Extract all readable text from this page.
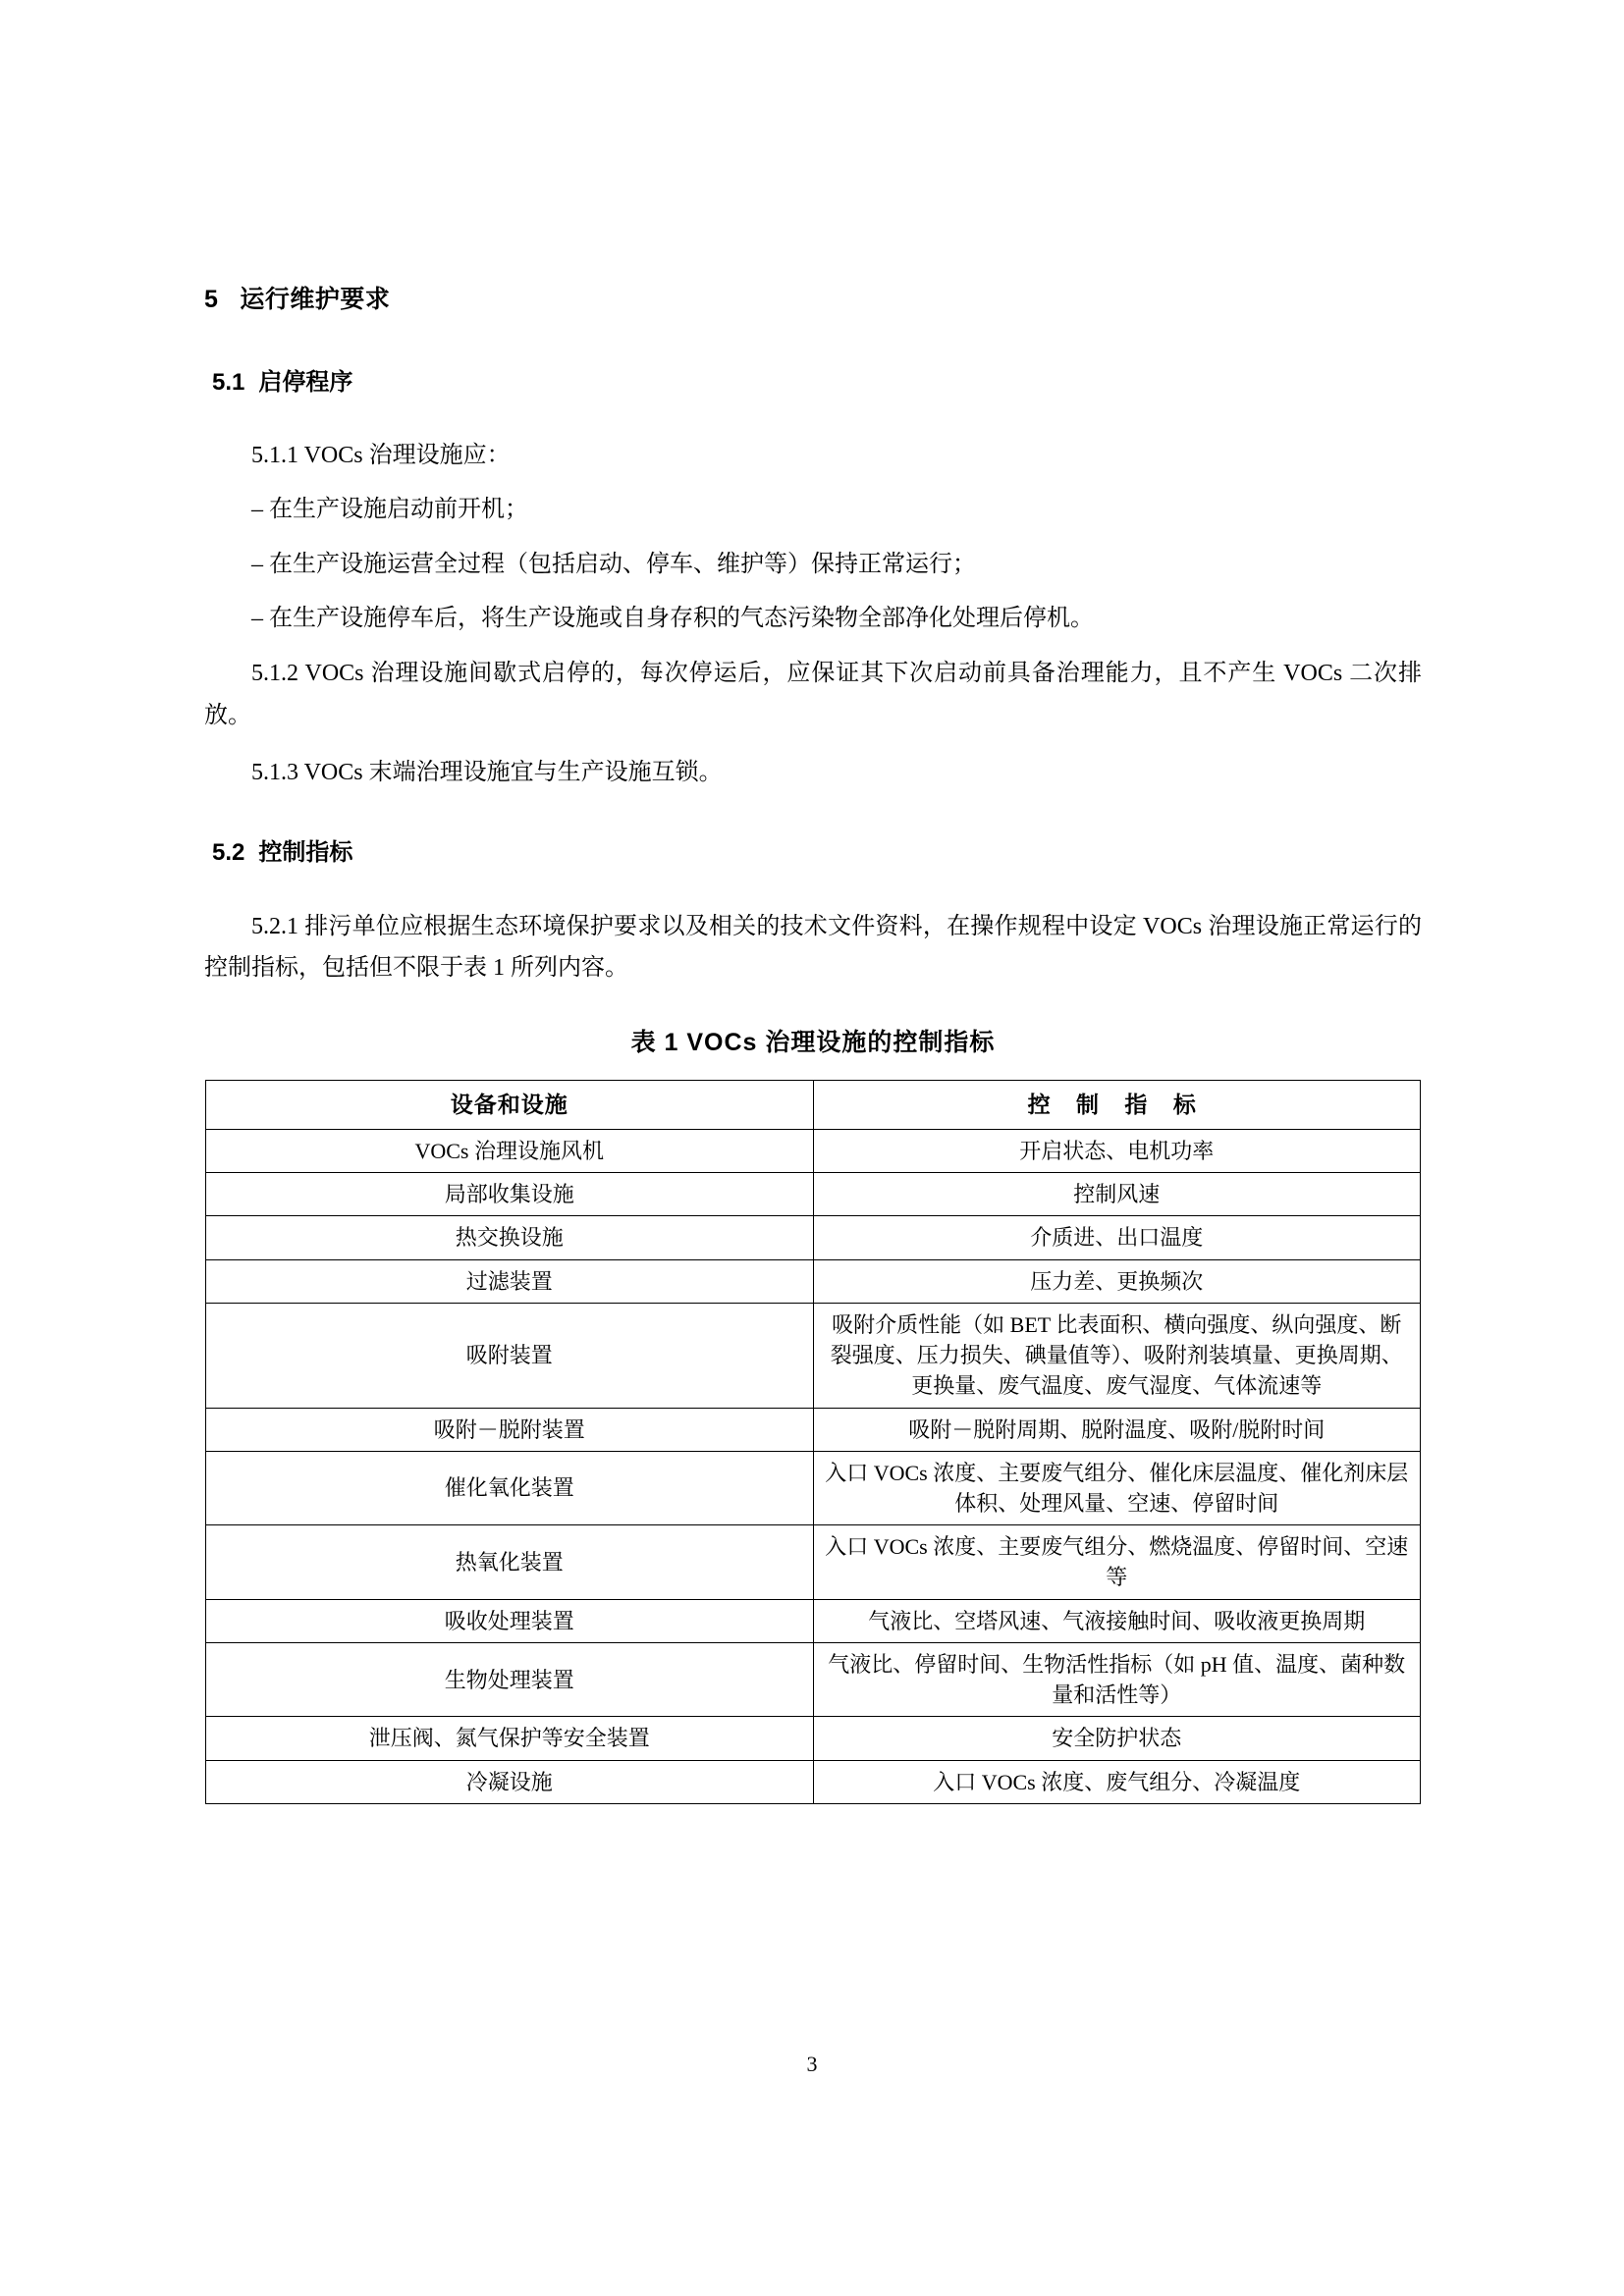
5 运行维护要求
5.1 启停程序
5.1.1 VOCs 治理设施应：
– 在生产设施启动前开机；
– 在生产设施运营全过程（包括启动、停车、维护等）保持正常运行；
– 在生产设施停车后，将生产设施或自身存积的气态污染物全部净化处理后停机。
5.1.2 VOCs 治理设施间歇式启停的，每次停运后，应保证其下次启动前具备治理能力，且不产生 VOCs 二次排放。
5.1.3 VOCs 末端治理设施宜与生产设施互锁。
5.2 控制指标
5.2.1 排污单位应根据生态环境保护要求以及相关的技术文件资料，在操作规程中设定 VOCs 治理设施正常运行的控制指标，包括但不限于表 1 所列内容。
表 1 VOCs 治理设施的控制指标
设备和设施	控 制 指 标
VOCs 治理设施风机	开启状态、电机功率
局部收集设施	控制风速
热交换设施	介质进、出口温度
过滤装置	压力差、更换频次
吸附装置	吸附介质性能（如 BET 比表面积、横向强度、纵向强度、断裂强度、压力损失、碘量值等）、吸附剂装填量、更换周期、更换量、废气温度、废气湿度、气体流速等
吸附－脱附装置	吸附－脱附周期、脱附温度、吸附/脱附时间
催化氧化装置	入口 VOCs 浓度、主要废气组分、催化床层温度、催化剂床层体积、处理风量、空速、停留时间
热氧化装置	入口 VOCs 浓度、主要废气组分、燃烧温度、停留时间、空速等
吸收处理装置	气液比、空塔风速、气液接触时间、吸收液更换周期
生物处理装置	气液比、停留时间、生物活性指标（如 pH 值、温度、菌种数量和活性等）
泄压阀、氮气保护等安全装置	安全防护状态
冷凝设施	入口 VOCs 浓度、废气组分、冷凝温度
3
